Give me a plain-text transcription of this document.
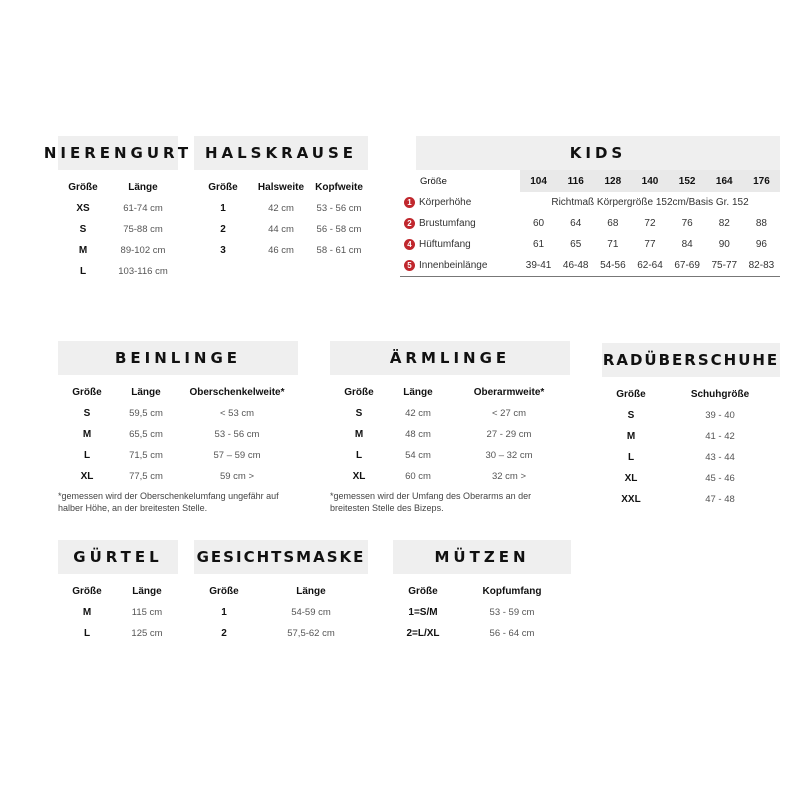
NIERENGURT
Größe	Länge
XS	61-74 cm
S	75-88 cm
M	89-102 cm
L	103-116 cm
HALSKRAUSE
Größe	Halsweite	Kopfweite
1	42 cm	53 - 56 cm
2	44 cm	56 - 58 cm
3	46 cm	58 - 61 cm
KIDS
Größe	104	116	128	140	152	164	176
1 Körperhöhe	Richtmaß Körpergröße 152cm/Basis Gr. 152						
2 Brustumfang	60	64	68	72	76	82	88
4 Hüftumfang	61	65	71	77	84	90	96
5 Innenbeinlänge	39-41	46-48	54-56	62-64	67-69	75-77	82-83
BEINLINGE
Größe	Länge	Oberschenkelweite*
S	59,5 cm	< 53 cm
M	65,5 cm	53 - 56 cm
L	71,5 cm	57 – 59 cm
XL	77,5 cm	59 cm >
*gemessen wird der Oberschenkelumfang ungefähr auf halber Höhe, an der breitesten Stelle.
ÄRMLINGE
Größe	Länge	Oberarmweite*
S	42 cm	< 27 cm
M	48 cm	27 - 29 cm
L	54 cm	30 – 32 cm
XL	60 cm	32 cm >
*gemessen wird der Umfang des Oberarms an der breitesten Stelle des Bizeps.
RADÜBERSCHUHE
Größe	Schuhgröße
S	39 - 40
M	41 - 42
L	43 - 44
XL	45 - 46
XXL	47 - 48
GÜRTEL
Größe	Länge
M	115 cm
L	125 cm
GESICHTSMASKE
Größe	Länge
1	54-59 cm
2	57,5-62 cm
MÜTZEN
Größe	Kopfumfang
1=S/M	53 - 59 cm
2=L/XL	56 - 64 cm
